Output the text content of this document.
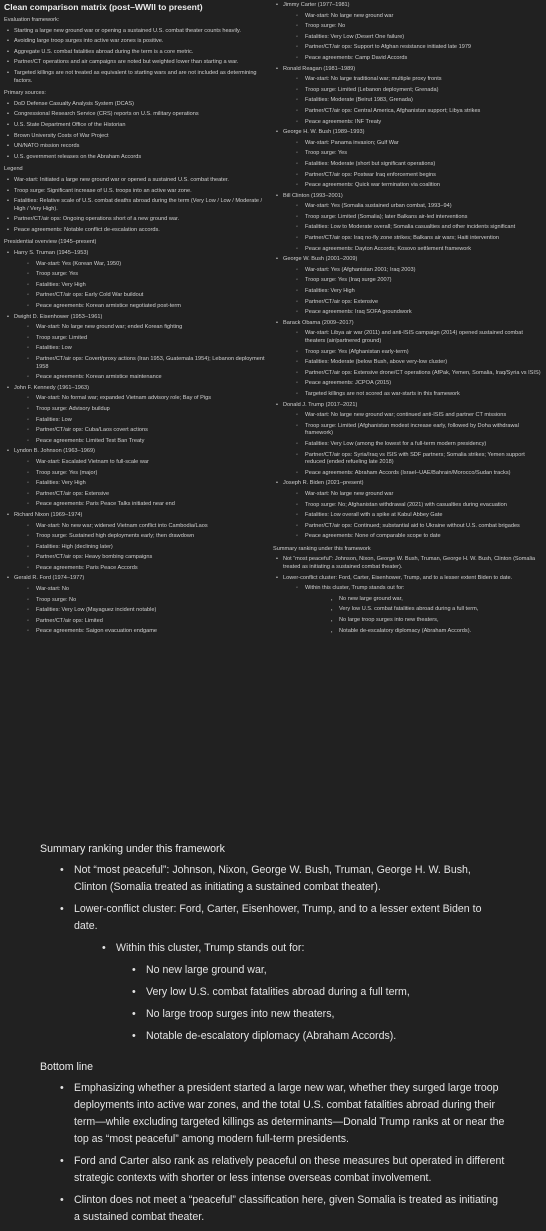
Clean comparison matrix (post–WWII to present)
Evaluation framework:
• Starting a large new ground war or opening a sustained U.S. combat theater counts heavily.
• Avoiding large troop surges into active war zones is positive.
• Aggregate U.S. combat fatalities abroad during the term is a core metric.
• Partner/CT operations and air campaigns are noted but weighted lower than starting a war.
• Targeted killings are not treated as equivalent to starting wars and are not included as determining factors.
Primary sources:
• DoD Defense Casualty Analysis System (DCAS)
• Congressional Research Service (CRS) reports on U.S. military operations
• U.S. State Department Office of the Historian
• Brown University Costs of War Project
• UN/NATO mission records
• U.S. government releases on the Abraham Accords
Legend
• War-start: Initiated a large new ground war or opened a sustained U.S. combat theater.
• Troop surge: Significant increase of U.S. troops into an active war zone.
• Fatalities: Relative scale of U.S. combat deaths abroad during the term (Very Low / Low / Moderate / High / Very High).
• Partner/CT/air ops: Ongoing operations short of a new ground war.
• Peace agreements: Notable conflict de-escalation accords.
Presidential overview (1945–present)
• Harry S. Truman (1945–1953)
◦ War-start: Yes (Korean War, 1950)
◦ Troop surge: Yes
◦ Fatalities: Very High
◦ Partner/CT/air ops: Early Cold War buildout
◦ Peace agreements: Korean armistice negotiated post-term
• Dwight D. Eisenhower (1953–1961)
◦ War-start: No large new ground war; ended Korean fighting
◦ Troop surge: Limited
◦ Fatalities: Low
◦ Partner/CT/air ops: Covert/proxy actions (Iran 1953, Guatemala 1954); Lebanon deployment 1958
◦ Peace agreements: Korean armistice maintenance
• John F. Kennedy (1961–1963)
◦ War-start: No formal war; expanded Vietnam advisory role; Bay of Pigs
◦ Troop surge: Advisory buildup
◦ Fatalities: Low
◦ Partner/CT/air ops: Cuba/Laos covert actions
◦ Peace agreements: Limited Test Ban Treaty
• Lyndon B. Johnson (1963–1969)
◦ War-start: Escalated Vietnam to full-scale war
◦ Troop surge: Yes (major)
◦ Fatalities: Very High
◦ Partner/CT/air ops: Extensive
◦ Peace agreements: Paris Peace Talks initiated near end
• Richard Nixon (1969–1974)
◦ War-start: No new war; widened Vietnam conflict into Cambodia/Laos
◦ Troop surge: Sustained high deployments early; then drawdown
◦ Fatalities: High (declining later)
◦ Partner/CT/air ops: Heavy bombing campaigns
◦ Peace agreements: Paris Peace Accords
• Gerald R. Ford (1974–1977)
◦ War-start: No
◦ Troop surge: No
◦ Fatalities: Very Low (Mayaguez incident notable)
◦ Partner/CT/air ops: Limited
◦ Peace agreements: Saigon evacuation endgame
• Jimmy Carter (1977–1981)
◦ War-start: No large new ground war
◦ Troop surge: No
◦ Fatalities: Very Low (Desert One failure)
◦ Partner/CT/air ops: Support to Afghan resistance initiated late 1979
◦ Peace agreements: Camp David Accords
• Ronald Reagan (1981–1989)
◦ War-start: No large traditional war; multiple proxy fronts
◦ Troop surge: Limited (Lebanon deployment; Grenada)
◦ Fatalities: Moderate (Beirut 1983, Grenada)
◦ Partner/CT/air ops: Central America, Afghanistan support; Libya strikes
◦ Peace agreements: INF Treaty
• George H. W. Bush (1989–1993)
◦ War-start: Panama invasion; Gulf War
◦ Troop surge: Yes
◦ Fatalities: Moderate (short but significant operations)
◦ Partner/CT/air ops: Postwar Iraq enforcement begins
◦ Peace agreements: Quick war termination via coalition
• Bill Clinton (1993–2001)
◦ War-start: Yes (Somalia sustained urban combat, 1993–94)
◦ Troop surge: Limited (Somalia); later Balkans air-led interventions
◦ Fatalities: Low to Moderate overall; Somalia casualties and other incidents significant
◦ Partner/CT/air ops: Iraq no-fly zone strikes; Balkans air wars; Haiti intervention
◦ Peace agreements: Dayton Accords; Kosovo settlement framework
• George W. Bush (2001–2009)
◦ War-start: Yes (Afghanistan 2001; Iraq 2003)
◦ Troop surge: Yes (Iraq surge 2007)
◦ Fatalities: Very High
◦ Partner/CT/air ops: Extensive
◦ Peace agreements: Iraq SOFA groundwork
• Barack Obama (2009–2017)
◦ War-start: Libya air war (2011) and anti-ISIS campaign (2014) opened sustained combat theaters (air/partnered ground)
◦ Troop surge: Yes (Afghanistan early-term)
◦ Fatalities: Moderate (below Bush, above very-low cluster)
◦ Partner/CT/air ops: Extensive drone/CT operations (AfPak, Yemen, Somalia, Iraq/Syria vs ISIS)
◦ Peace agreements: JCPOA (2015)
◦ Targeted killings are not scored as war-starts in this framework
• Donald J. Trump (2017–2021)
◦ War-start: No large new ground war; continued anti-ISIS and partner CT missions
◦ Troop surge: Limited (Afghanistan modest increase early, followed by Doha withdrawal framework)
◦ Fatalities: Very Low (among the lowest for a full-term modern presidency)
◦ Partner/CT/air ops: Syria/Iraq vs ISIS with SDF partners; Somalia strikes; Yemen support reduced (ended refueling late 2018)
◦ Peace agreements: Abraham Accords (Israel–UAE/Bahrain/Morocco/Sudan tracks)
• Joseph R. Biden (2021–present)
◦ War-start: No large new ground war
◦ Troop surge: No; Afghanistan withdrawal (2021) with casualties during evacuation
◦ Fatalities: Low overall with a spike at Kabul Abbey Gate
◦ Partner/CT/air ops: Continued; substantial aid to Ukraine without U.S. combat brigades
◦ Peace agreements: None of comparable scope to date
Summary ranking under this framework
• Not “most peaceful”: Johnson, Nixon, George W. Bush, Truman, George H. W. Bush, Clinton (Somalia treated as initiating a sustained combat theater).
• Lower-conflict cluster: Ford, Carter, Eisenhower, Trump, and to a lesser extent Biden to date.
◦ Within this cluster, Trump stands out for:
▪ No new large ground war,
▪ Very low U.S. combat fatalities abroad during a full term,
▪ No large troop surges into new theaters,
▪ Notable de-escalatory diplomacy (Abraham Accords).
Summary ranking under this framework
• Not “most peaceful”: Johnson, Nixon, George W. Bush, Truman, George H. W. Bush, Clinton (Somalia treated as initiating a sustained combat theater).
• Lower-conflict cluster: Ford, Carter, Eisenhower, Trump, and to a lesser extent Biden to date.
• Within this cluster, Trump stands out for:
• No new large ground war,
• Very low U.S. combat fatalities abroad during a full term,
• No large troop surges into new theaters,
• Notable de-escalatory diplomacy (Abraham Accords).
Bottom line
• Emphasizing whether a president started a large new war, whether they surged large troop deployments into active war zones, and the total U.S. combat fatalities abroad during their term—while excluding targeted killings as determinants—Donald Trump ranks at or near the top as “most peaceful” among modern full-term presidents.
• Ford and Carter also rank as relatively peaceful on these measures but operated in different strategic contexts with shorter or less intense overseas combat involvement.
• Clinton does not meet a “peaceful” classification here, given Somalia is treated as initiating a sustained combat theater.
